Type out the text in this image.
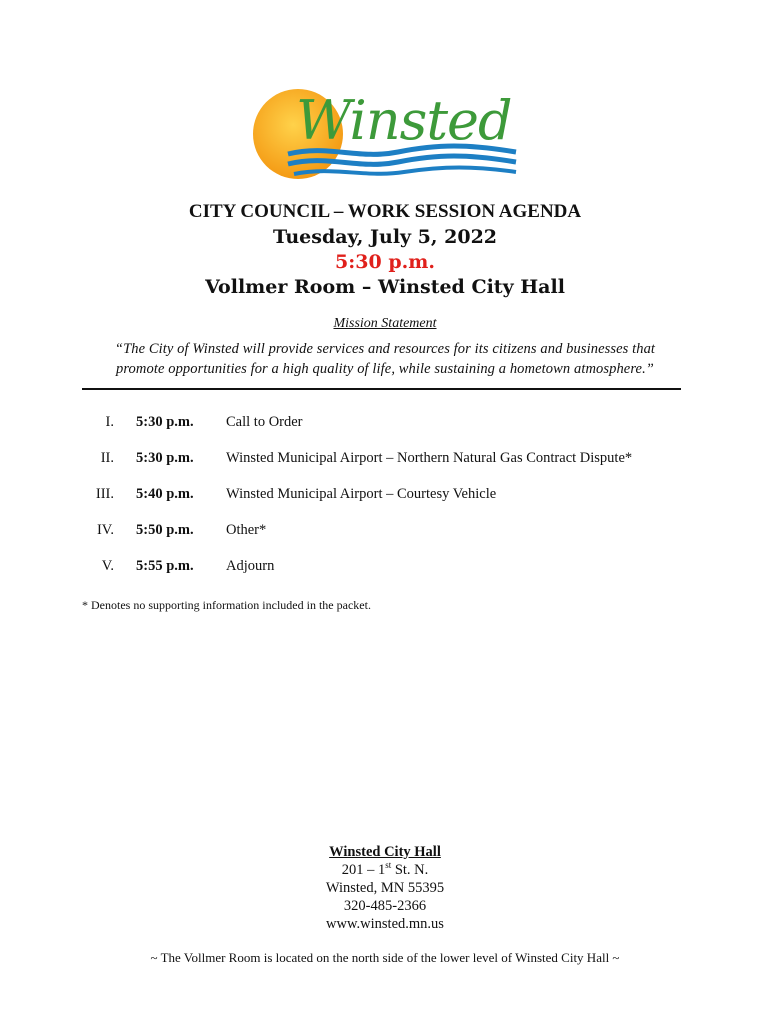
Winsted
CITY COUNCIL – WORK SESSION AGENDA
Tuesday, July 5, 2022
5:30 p.m.
Vollmer Room – Winsted City Hall
Mission Statement
“The City of Winsted will provide services and resources for its citizens and businesses that promote opportunities for a high quality of life, while sustaining a hometown atmosphere.”
I. 5:30 p.m. Call to Order
II. 5:30 p.m. Winsted Municipal Airport – Northern Natural Gas Contract Dispute*
III. 5:40 p.m. Winsted Municipal Airport – Courtesy Vehicle
IV. 5:50 p.m. Other*
V. 5:55 p.m. Adjourn
* Denotes no supporting information included in the packet.
Winsted City Hall
201 – 1st St. N.
Winsted, MN 55395
320-485-2366
www.winsted.mn.us
~ The Vollmer Room is located on the north side of the lower level of Winsted City Hall ~
